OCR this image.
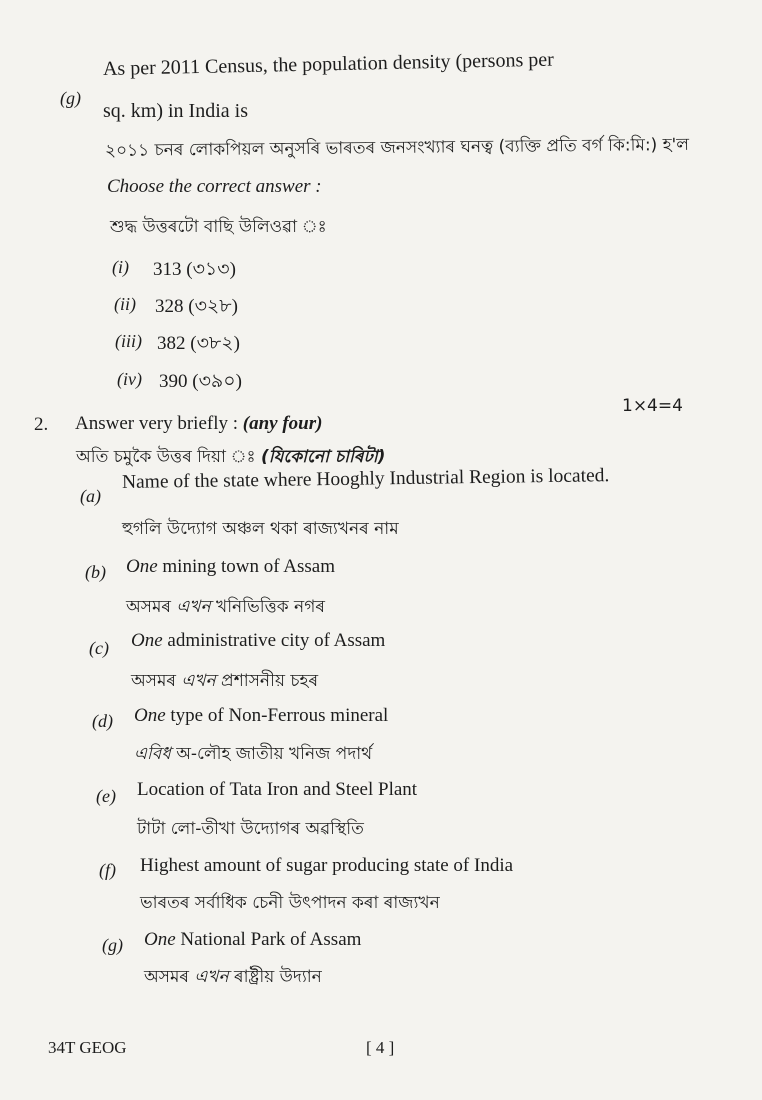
(g)
As per 2011 Census, the population density (persons per
sq. km) in India is
২০১১ চনৰ লোকপিয়ল অনুসৰি ভাৰতৰ জনসংখ্যাৰ ঘনত্ব (ব্যক্তি প্ৰতি বৰ্গ কি:মি:) হ'ল
Choose the correct answer :
শুদ্ধ উত্তৰটো বাছি উলিওৱা ঃ
(i) 313 (৩১৩)
(ii) 328 (৩২৮)
(iii) 382 (৩৮২)
(iv) 390 (৩৯০)
1×4=4
2. Answer very briefly : (any four)
অতি চমুকৈ উত্তৰ দিয়া ঃ (যিকোনো চাৰিটা)
(a)
Name of the state where Hooghly Industrial Region is located.
হুগলি উদ্যোগ অঞ্চল থকা ৰাজ্যখনৰ নাম
(b) One mining town of Assam
অসমৰ এখন খনিভিত্তিক নগৰ
(c) One administrative city of Assam
অসমৰ এখন প্ৰশাসনীয় চহৰ
(d) One type of Non-Ferrous mineral
এবিধ অ-লৌহ জাতীয় খনিজ পদাৰ্থ
(e) Location of Tata Iron and Steel Plant
টাটা লো-তীখা উদ্যোগৰ অৱস্থিতি
(f) Highest amount of sugar producing state of India
ভাৰতৰ সৰ্বাধিক চেনী উৎপাদন কৰা ৰাজ্যখন
(g) One National Park of Assam
অসমৰ এখন ৰাষ্ট্ৰীয় উদ্যান
34T GEOG	[ 4 ]
